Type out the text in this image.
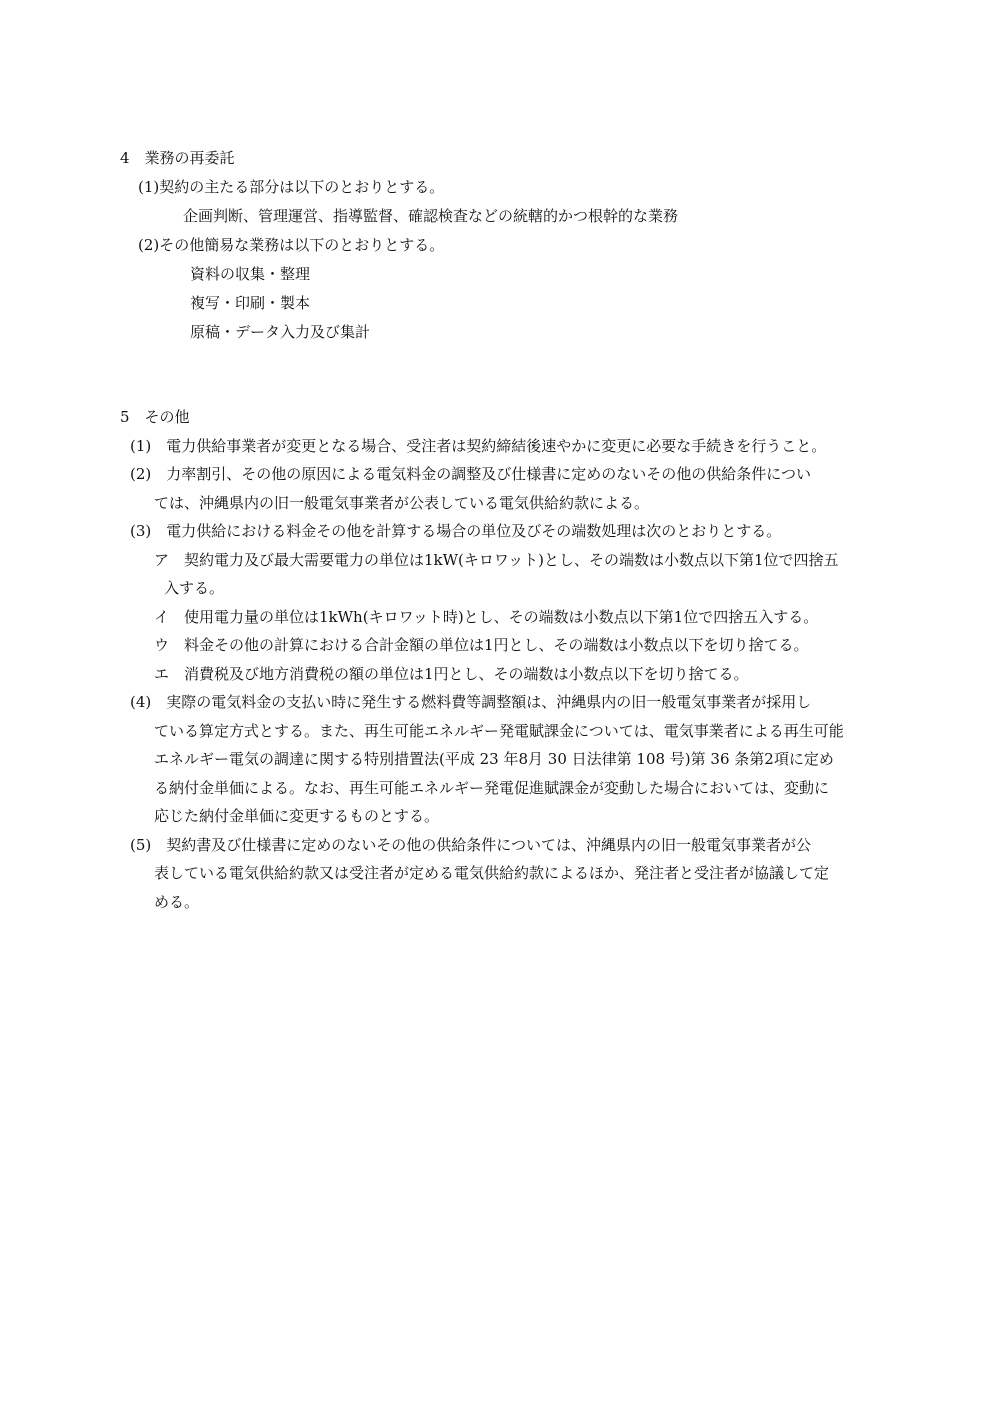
4　業務の再委託
(1)契約の主たる部分は以下のとおりとする。
企画判断、管理運営、指導監督、確認検査などの統轄的かつ根幹的な業務
(2)その他簡易な業務は以下のとおりとする。
資料の収集・整理
複写・印刷・製本
原稿・データ入力及び集計
5　その他
(1)　電力供給事業者が変更となる場合、受注者は契約締結後速やかに変更に必要な手続きを行うこと。
(2)　力率割引、その他の原因による電気料金の調整及び仕様書に定めのないその他の供給条件につい
ては、沖縄県内の旧一般電気事業者が公表している電気供給約款による。
(3)　電力供給における料金その他を計算する場合の単位及びその端数処理は次のとおりとする。
ア　契約電力及び最大需要電力の単位は1kW(キロワット)とし、その端数は小数点以下第1位で四捨五
入する。
イ　使用電力量の単位は1kWh(キロワット時)とし、その端数は小数点以下第1位で四捨五入する。
ウ　料金その他の計算における合計金額の単位は1円とし、その端数は小数点以下を切り捨てる。
エ　消費税及び地方消費税の額の単位は1円とし、その端数は小数点以下を切り捨てる。
(4)　実際の電気料金の支払い時に発生する燃料費等調整額は、沖縄県内の旧一般電気事業者が採用し
ている算定方式とする。また、再生可能エネルギー発電賦課金については、電気事業者による再生可能
エネルギー電気の調達に関する特別措置法(平成 23 年8月 30 日法律第 108 号)第 36 条第2項に定め
る納付金単価による。なお、再生可能エネルギー発電促進賦課金が変動した場合においては、変動に
応じた納付金単価に変更するものとする。
(5)　契約書及び仕様書に定めのないその他の供給条件については、沖縄県内の旧一般電気事業者が公
表している電気供給約款又は受注者が定める電気供給約款によるほか、発注者と受注者が協議して定
める。
